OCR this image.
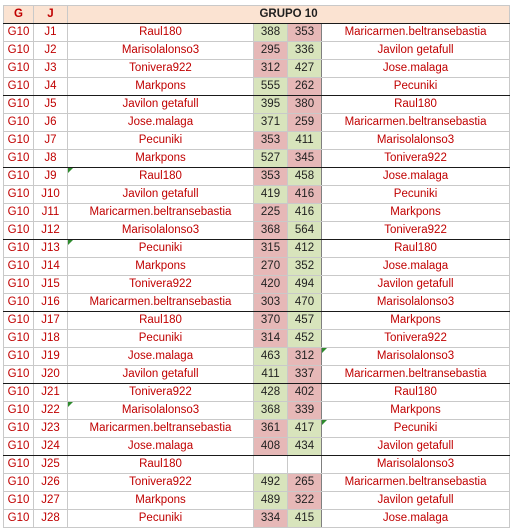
G	J	GRUPO 10			
G10	J1	Raul180	388	353	Maricarmen.beltransebastia
G10	J2	Marisolalonso3	295	336	Javilon getafull
G10	J3	Tonivera922	312	427	Jose.malaga
G10	J4	Markpons	555	262	Pecuniki
G10	J5	Javilon getafull	395	380	Raul180
G10	J6	Jose.malaga	371	259	Maricarmen.beltransebastia
G10	J7	Pecuniki	353	411	Marisolalonso3
G10	J8	Markpons	527	345	Tonivera922
G10	J9	Raul180	353	458	Jose.malaga
G10	J10	Javilon getafull	419	416	Pecuniki
G10	J11	Maricarmen.beltransebastia	225	416	Markpons
G10	J12	Marisolalonso3	368	564	Tonivera922
G10	J13	Pecuniki	315	412	Raul180
G10	J14	Markpons	270	352	Jose.malaga
G10	J15	Tonivera922	420	494	Javilon getafull
G10	J16	Maricarmen.beltransebastia	303	470	Marisolalonso3
G10	J17	Raul180	370	457	Markpons
G10	J18	Pecuniki	314	452	Tonivera922
G10	J19	Jose.malaga	463	312	Marisolalonso3

G10	J20	Javilon getafull	411	337	Maricarmen.beltransebastia
G10	J21	Tonivera922	428	402	Raul180
G10	J22	Marisolalonso3	368	339	Markpons
G10	J23	Maricarmen.beltransebastia	361	417	Pecuniki

G10	J24	Jose.malaga	408	434	Javilon getafull
G10	J25	Raul180			Marisolalonso3
G10	J26	Tonivera922	492	265	Maricarmen.beltransebastia
G10	J27	Markpons	489	322	Javilon getafull
G10	J28	Pecuniki	334	415	Jose.malaga
